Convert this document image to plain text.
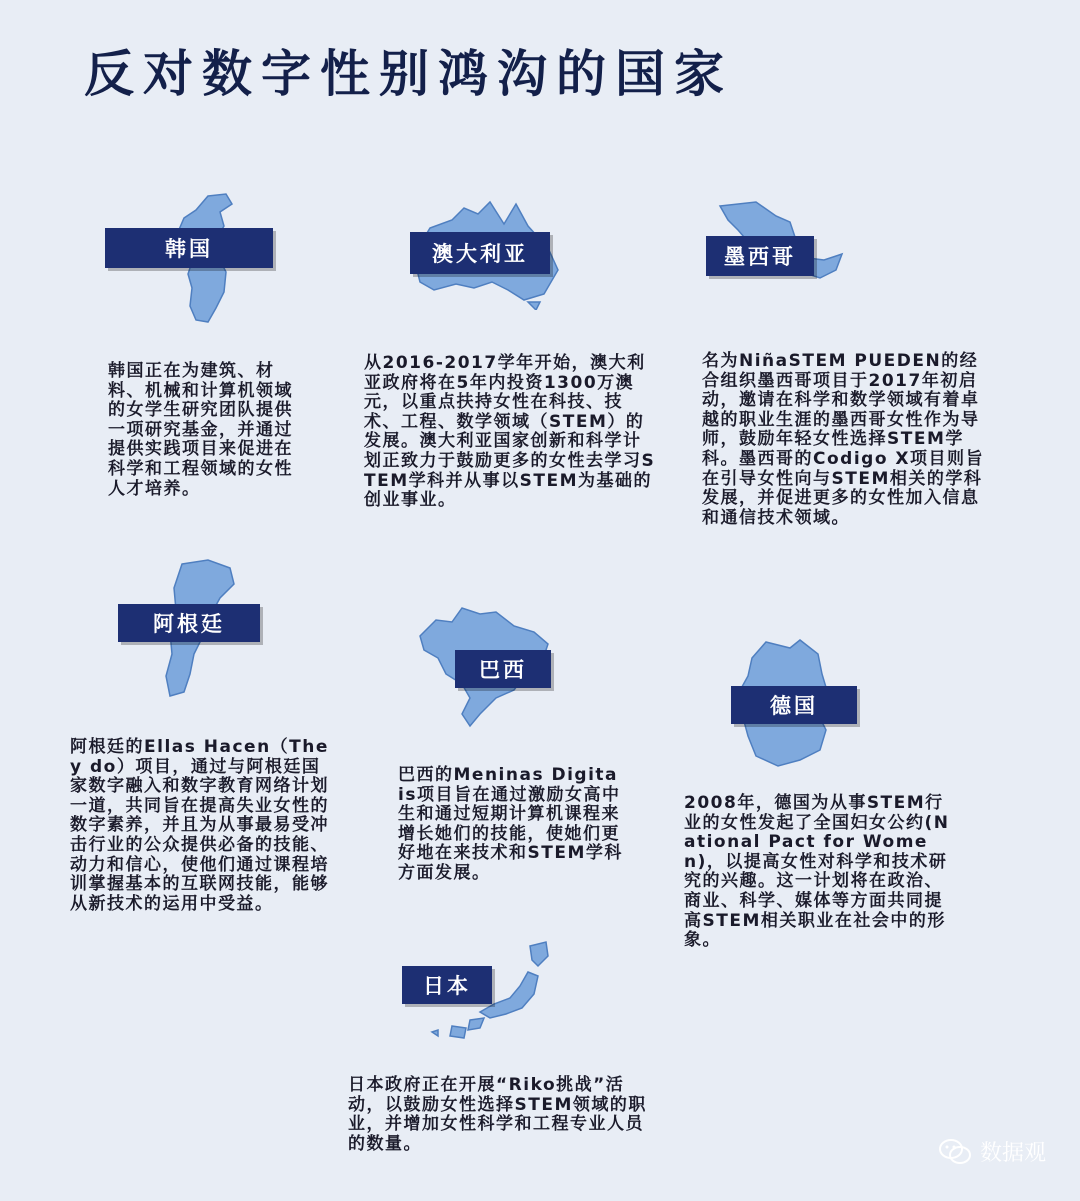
反对数字性别鸿沟的国家
韩国
韩国正在为建筑、材料、机械和计算机领域的女学生研究团队提供一项研究基金，并通过提供实践项目来促进在科学和工程领域的女性人才培养。
澳大利亚
从2016-2017学年开始，澳大利亚政府将在5年内投资1300万澳元，以重点扶持女性在科技、技术、工程、数学领域（STEM）的发展。澳大利亚国家创新和科学计划正致力于鼓励更多的女性去学习STEM学科并从事以STEM为基础的创业事业。
墨西哥
名为NiñaSTEM PUEDEN的经合组织墨西哥项目于2017年初启动，邀请在科学和数学领域有着卓越的职业生涯的墨西哥女性作为导师，鼓励年轻女性选择STEM学科。墨西哥的Codigo X项目则旨在引导女性向与STEM相关的学科发展，并促进更多的女性加入信息和通信技术领域。
阿根廷
阿根廷的Ellas Hacen（They do）项目，通过与阿根廷国家数字融入和数字教育网络计划一道，共同旨在提高失业女性的数字素养，并且为从事最易受冲击行业的公众提供必备的技能、动力和信心，使他们通过课程培训掌握基本的互联网技能，能够从新技术的运用中受益。
巴西
巴西的Meninas Digitais项目旨在通过激励女高中生和通过短期计算机课程来增长她们的技能，使她们更好地在来技术和STEM学科方面发展。
德国
2008年，德国为从事STEM行业的女性发起了全国妇女公约(National Pact for Women)，以提高女性对科学和技术研究的兴趣。这一计划将在政治、商业、科学、媒体等方面共同提高STEM相关职业在社会中的形象。
日本
日本政府正在开展“Riko挑战”活动，以鼓励女性选择STEM领域的职业，并增加女性科学和工程专业人员的数量。	数据观
